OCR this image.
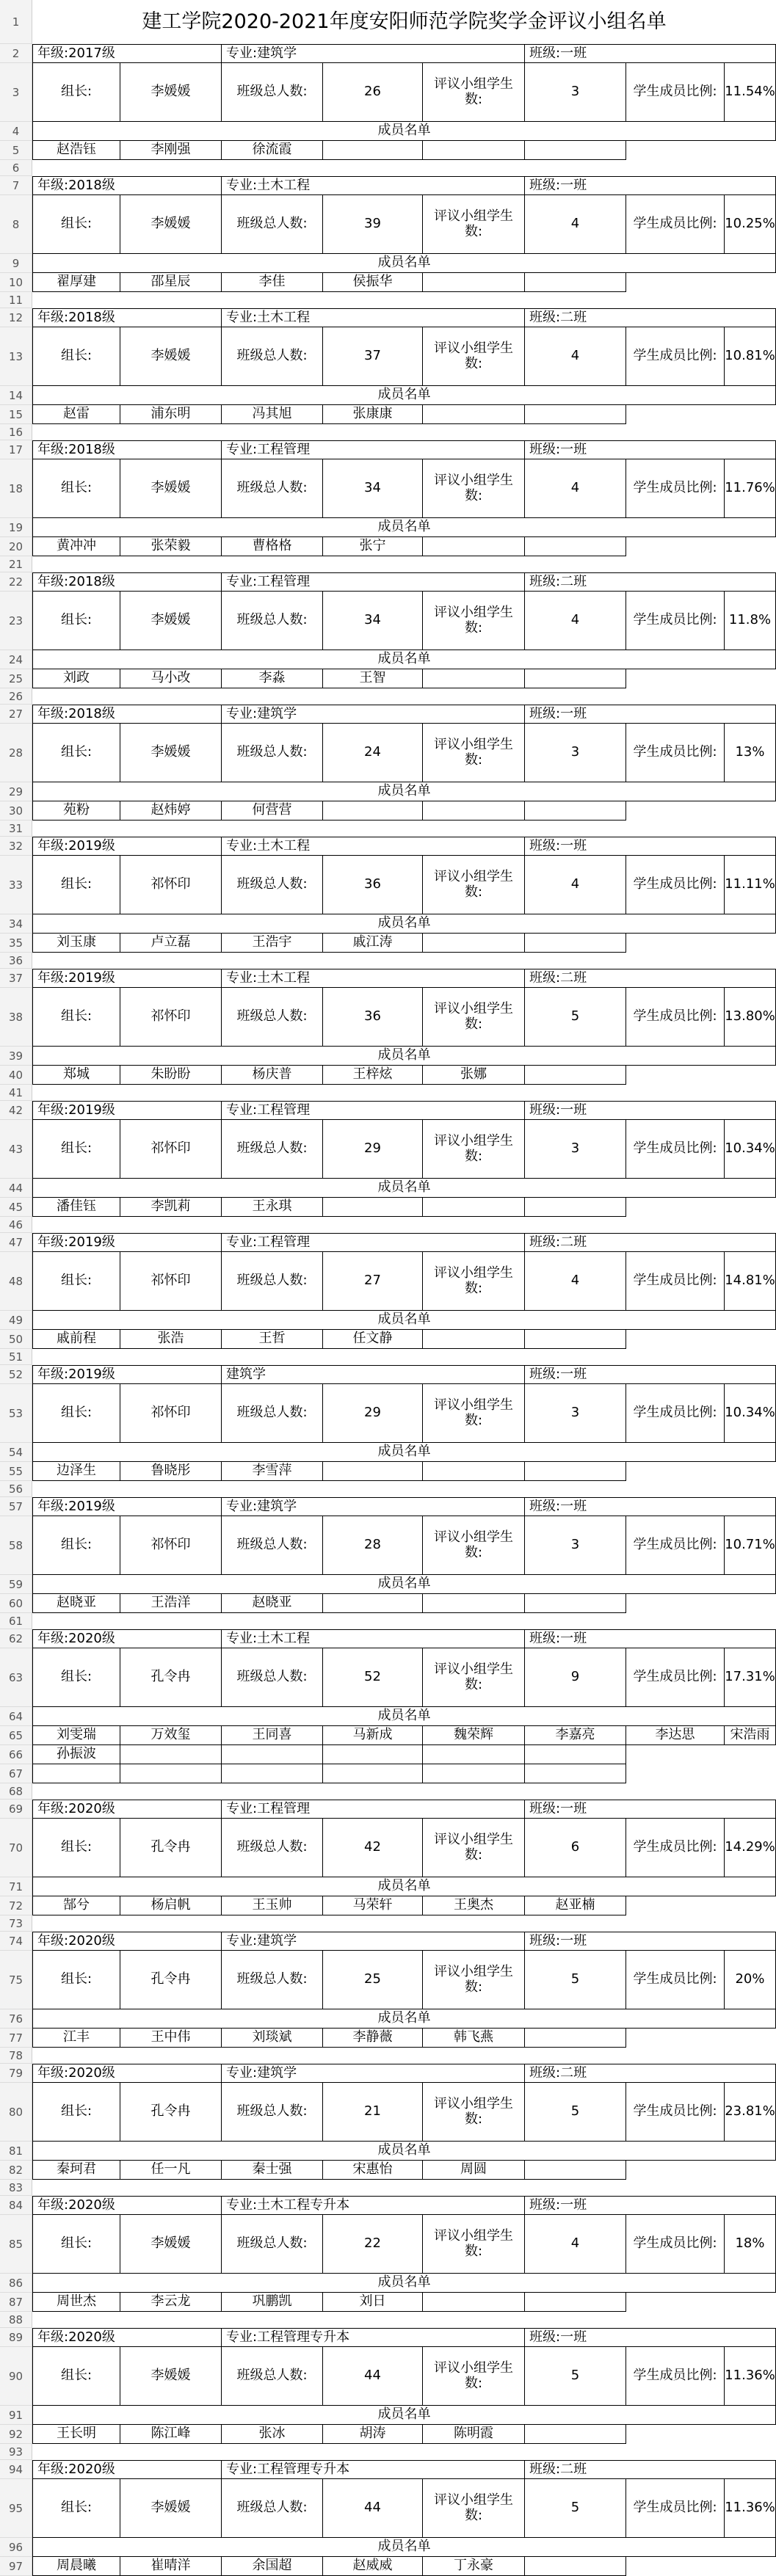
1	建工学院2020-2021年度安阳师范学院奖学金评议小组名单
2	年级:2017级	专业:建筑学	班级:一班
3	组长:	李媛媛	班级总人数:	26	评议小组学生数:	3	学生成员比例: 11.54%
4	成员名单
5	赵浩钰	李刚强	徐流霞
6
7	年级:2018级	专业:土木工程	班级:一班
8	组长:	李媛媛	班级总人数:	39	评议小组学生数:	4	学生成员比例: 10.25%
9	成员名单
10	翟厚建	邵星辰	李佳	侯振华
11
12	年级:2018级	专业:土木工程	班级:二班
13	组长:	李媛媛	班级总人数:	37	评议小组学生数:	4	学生成员比例: 10.81%
14	成员名单
15	赵雷	浦东明	冯其旭	张康康
16
17	年级:2018级	专业:工程管理	班级:一班
18	组长:	李媛媛	班级总人数:	34	评议小组学生数:	4	学生成员比例: 11.76%
19	成员名单
20	黄冲冲	张荣毅	曹格格	张宁
21
22	年级:2018级	专业:工程管理	班级:二班
23	组长:	李媛媛	班级总人数:	34	评议小组学生数:	4	学生成员比例: 11.8%
24	成员名单
25	刘政	马小改	李淼	王智
26
27	年级:2018级	专业:建筑学	班级:一班
28	组长:	李媛媛	班级总人数:	24	评议小组学生数:	3	学生成员比例:	13%
29	成员名单
30	苑粉	赵炜婷	何营营
31
32	年级:2019级	专业:土木工程	班级:一班
33	组长:	祁怀印	班级总人数:	36	评议小组学生数:	4	学生成员比例: 11.11%
34	成员名单
35	刘玉康	卢立磊	王浩宇	戚江涛
36
37	年级:2019级	专业:土木工程	班级:二班
38	组长:	祁怀印	班级总人数:	36	评议小组学生数:	5	学生成员比例: 13.80%
39	成员名单
40	郑城	朱盼盼	杨庆普	王梓炫	张娜
41
42	年级:2019级	专业:工程管理	班级:一班
43	组长:	祁怀印	班级总人数:	29	评议小组学生数:	3	学生成员比例: 10.34%
44	成员名单
45	潘佳钰	李凯莉	王永琪
46
47	年级:2019级	专业:工程管理	班级:二班
48	组长:	祁怀印	班级总人数:	27	评议小组学生数:	4	学生成员比例: 14.81%
49	成员名单
50	戚前程	张浩	王哲	任文静
51
52	年级:2019级	建筑学	班级:一班
53	组长:	祁怀印	班级总人数:	29	评议小组学生数:	3	学生成员比例: 10.34%
54	成员名单
55	边泽生	鲁晓彤	李雪萍
56
57	年级:2019级	专业:建筑学	班级:一班
58	组长:	祁怀印	班级总人数:	28	评议小组学生数:	3	学生成员比例: 10.71%
59	成员名单
60	赵晓亚	王浩洋	赵晓亚
61
62	年级:2020级	专业:土木工程	班级:一班
63	组长:	孔令冉	班级总人数:	52	评议小组学生数:	9	学生成员比例: 17.31%
64	成员名单
65	刘雯瑞	万效玺	王同喜	马新成	魏荣辉	李嘉亮	李达思	宋浩雨
66	孙振波
67
68
69	年级:2020级	专业:工程管理	班级:一班
70	组长:	孔令冉	班级总人数:	42	评议小组学生数:	6	学生成员比例: 14.29%
71	成员名单
72	郜兮	杨启帆	王玉帅	马荣轩	王奥杰	赵亚楠
73
74	年级:2020级	专业:建筑学	班级:一班
75	组长:	孔令冉	班级总人数:	25	评议小组学生数:	5	学生成员比例:	20%
76	成员名单
77	江丰	王中伟	刘琰斌	李静薇	韩飞燕
78
79	年级:2020级	专业:建筑学	班级:二班
80	组长:	孔令冉	班级总人数:	21	评议小组学生数:	5	学生成员比例: 23.81%
81	成员名单
82	秦珂君	任一凡	秦士强	宋惠怡	周圆
83
84	年级:2020级	专业:土木工程专升本	班级:一班
85	组长:	李媛媛	班级总人数:	22	评议小组学生数:	4	学生成员比例:	18%
86	成员名单
87	周世杰	李云龙	巩鹏凯	刘日
88
89	年级:2020级	专业:工程管理专升本	班级:一班
90	组长:	李媛媛	班级总人数:	44	评议小组学生数:	5	学生成员比例: 11.36%
91	成员名单
92	王长明	陈江峰	张冰	胡涛	陈明霞
93
94	年级:2020级	专业:工程管理专升本	班级:二班
95	组长:	李媛媛	班级总人数:	44	评议小组学生数:	5	学生成员比例: 11.36%
96	成员名单
97	周晨曦	崔晴洋	余国超	赵威威	丁永豪
